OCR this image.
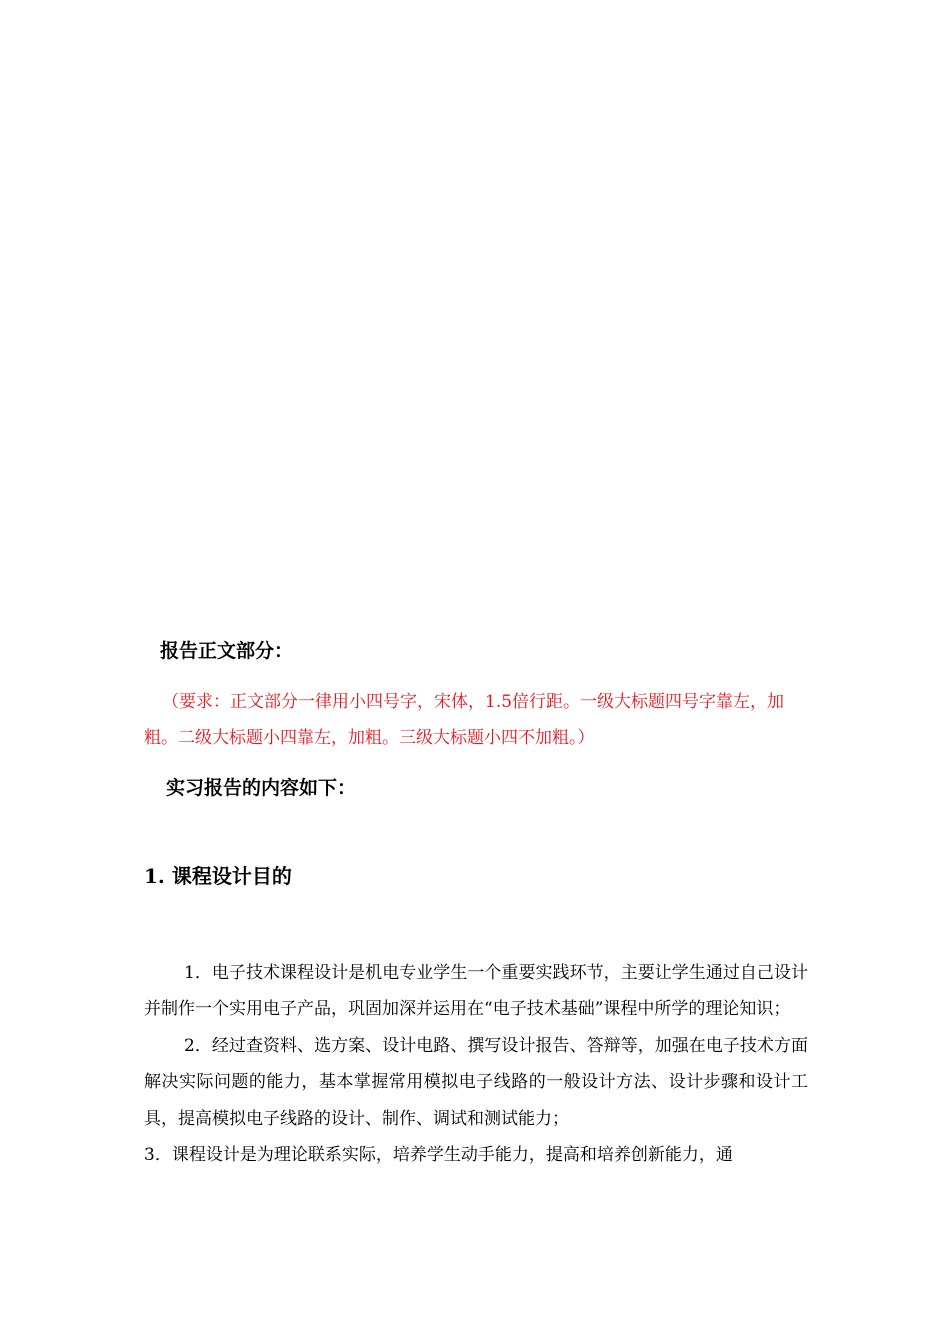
报告正文部分：
（要求：正文部分一律用小四号字，宋体，1.5倍行距。一级大标题四号字靠左，加粗。二级大标题小四靠左，加粗。三级大标题小四不加粗。）
实习报告的内容如下：
1. 课程设计目的

1．电子技术课程设计是机电专业学生一个重要实践环节，主要让学生通过自己设计并制作一个实用电子产品，巩固加深并运用在“电子技术基础”课程中所学的理论知识；

2．经过查资料、选方案、设计电路、撰写设计报告、答辩等，加强在电子技术方面解决实际问题的能力，基本掌握常用模拟电子线路的一般设计方法、设计步骤和设计工具，提高模拟电子线路的设计、制作、调试和测试能力；

3．课程设计是为理论联系实际，培养学生动手能力，提高和培养创新能力，通
